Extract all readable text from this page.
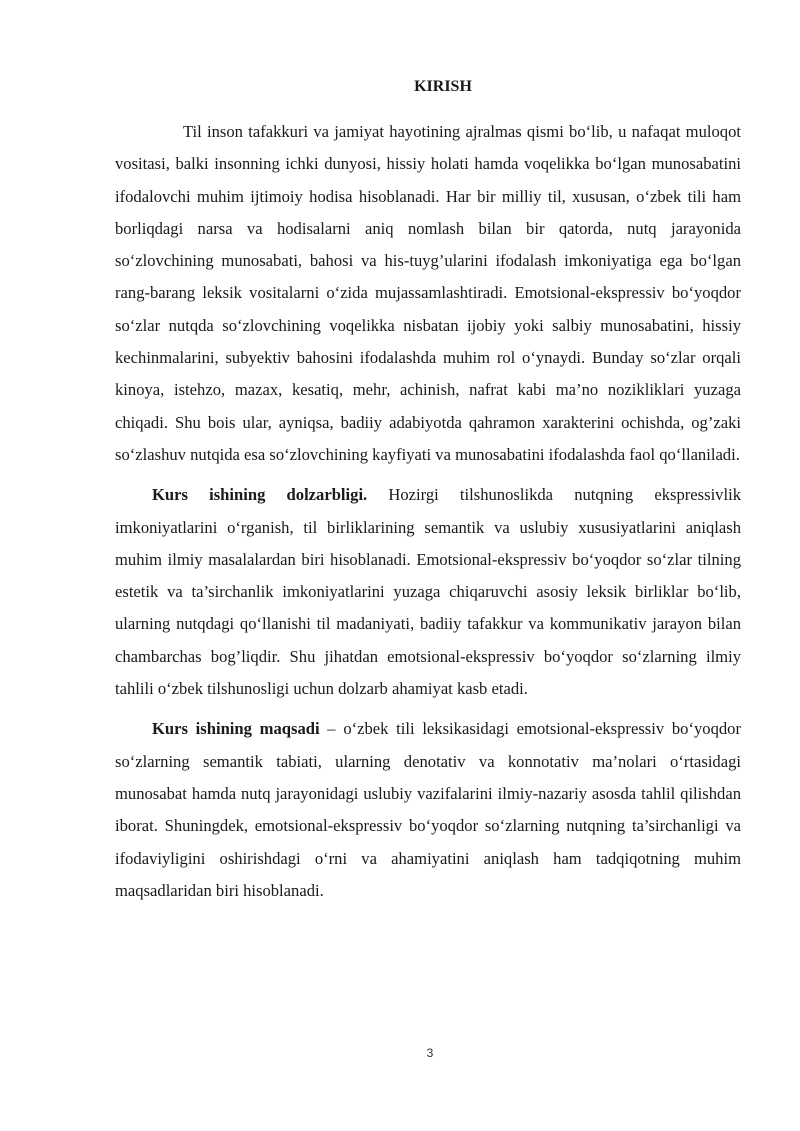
KIRISH

Til inson tafakkuri va jamiyat hayotining ajralmas qismi bo‘lib, u nafaqat muloqot vositasi, balki insonning ichki dunyosi, hissiy holati hamda voqelikka bo‘lgan munosabatini ifodalovchi muhim ijtimoiy hodisa hisoblanadi. Har bir milliy til, xususan, o‘zbek tili ham borliqdagi narsa va hodisalarni aniq nomlash bilan bir qatorda, nutq jarayonida so‘zlovchining munosabati, bahosi va his-tuyg’ularini ifodalash imkoniyatiga ega bo‘lgan rang-barang leksik vositalarni o‘zida mujassamlashtiradi. Emotsional-ekspressiv bo‘yoqdor so‘zlar nutqda so‘zlovchining voqelikka nisbatan ijobiy yoki salbiy munosabatini, hissiy kechinmalarini, subyektiv bahosini ifodalashda muhim rol o‘ynaydi. Bunday so‘zlar orqali kinoya, istehzo, mazax, kesatiq, mehr, achinish, nafrat kabi ma’no nozikliklari yuzaga chiqadi. Shu bois ular, ayniqsa, badiiy adabiyotda qahramon xarakterini ochishda, og’zaki so‘zlashuv nutqida esa so‘zlovchining kayfiyati va munosabatini ifodalashda faol qo‘llaniladi.

Kurs ishining dolzarbligi. Hozirgi tilshunoslikda nutqning ekspressivlik imkoniyatlarini o‘rganish, til birliklarining semantik va uslubiy xususiyatlarini aniqlash muhim ilmiy masalalardan biri hisoblanadi. Emotsional-ekspressiv bo‘yoqdor so‘zlar tilning estetik va ta’sirchanlik imkoniyatlarini yuzaga chiqaruvchi asosiy leksik birliklar bo‘lib, ularning nutqdagi qo‘llanishi til madaniyati, badiiy tafakkur va kommunikativ jarayon bilan chambarchas bog’liqdir. Shu jihatdan emotsional-ekspressiv bo‘yoqdor so‘zlarning ilmiy tahlili o‘zbek tilshunosligi uchun dolzarb ahamiyat kasb etadi.

Kurs ishining maqsadi – o‘zbek tili leksikasidagi emotsional-ekspressiv bo‘yoqdor so‘zlarning semantik tabiati, ularning denotativ va konnotativ ma’nolari o‘rtasidagi munosabat hamda nutq jarayonidagi uslubiy vazifalarini ilmiy-nazariy asosda tahlil qilishdan iborat. Shuningdek, emotsional-ekspressiv bo‘yoqdor so‘zlarning nutqning ta’sirchanligi va ifodaviyligini oshirishdagi o‘rni va ahamiyatini aniqlash ham tadqiqotning muhim maqsadlaridan biri hisoblanadi.

3
